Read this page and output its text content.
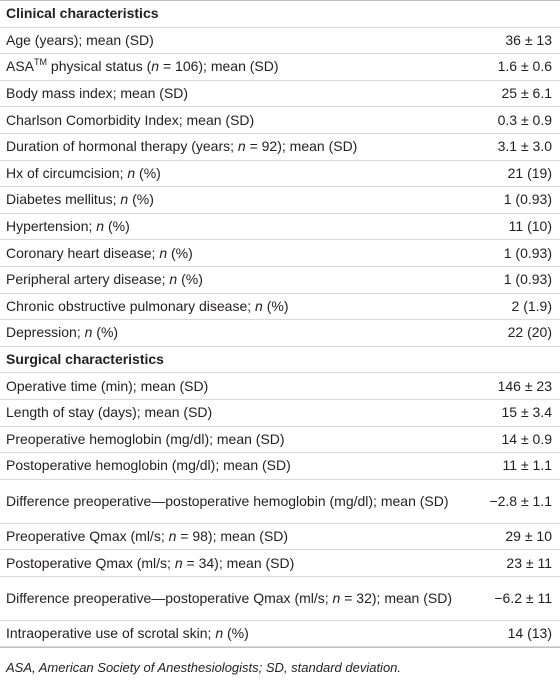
Clinical characteristics
Age (years); mean (SD)	36 ± 13
ASA™ physical status (n = 106); mean (SD)	1.6 ± 0.6
Body mass index; mean (SD)	25 ± 6.1
Charlson Comorbidity Index; mean (SD)	0.3 ± 0.9
Duration of hormonal therapy (years; n = 92); mean (SD)	3.1 ± 3.0
Hx of circumcision; n (%)	21 (19)
Diabetes mellitus; n (%)	1 (0.93)
Hypertension; n (%)	11 (10)
Coronary heart disease; n (%)	1 (0.93)
Peripheral artery disease; n (%)	1 (0.93)
Chronic obstructive pulmonary disease; n (%)	2 (1.9)
Depression; n (%)	22 (20)
Surgical characteristics
Operative time (min); mean (SD)	146 ± 23
Length of stay (days); mean (SD)	15 ± 3.4
Preoperative hemoglobin (mg/dl); mean (SD)	14 ± 0.9
Postoperative hemoglobin (mg/dl); mean (SD)	11 ± 1.1
Difference preoperative—postoperative hemoglobin (mg/dl); mean (SD)	−2.8 ± 1.1
Preoperative Qmax (ml/s; n = 98); mean (SD)	29 ± 10
Postoperative Qmax (ml/s; n = 34); mean (SD)	23 ± 11
Difference preoperative—postoperative Qmax (ml/s; n = 32); mean (SD)	−6.2 ± 11
Intraoperative use of scrotal skin; n (%)	14 (13)
ASA, American Society of Anesthesiologists; SD, standard deviation.
